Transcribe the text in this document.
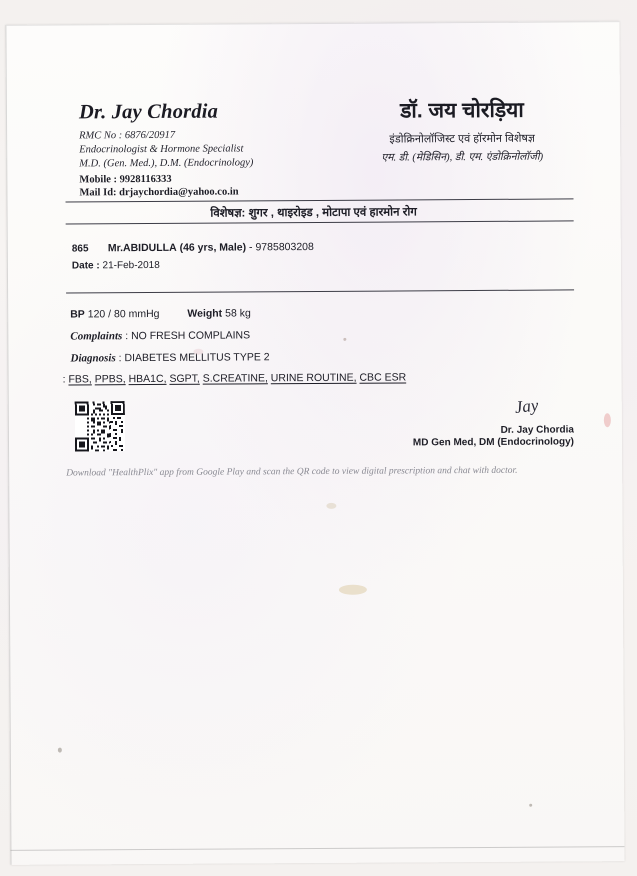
Dr. Jay Chordia
RMC No : 6876/20917
Endocrinologist & Hormone Specialist
M.D. (Gen. Med.), D.M. (Endocrinology)
Mobile : 9928116333
Mail Id: drjaychordia@yahoo.co.in
डॉ. जय चोरड़िया
इंडोक्रिनोलॉजिस्ट एवं हॉरमोन विशेषज्ञ
एम. डी. (मेडिसिन), डी. एम. एंडोक्रिनोलॉजी)
विशेषज्ञ: शुगर , थाइरोइड , मोटापा एवं हारमोन रोग
865 Mr.ABIDULLA (46 yrs, Male) - 9785803208
Date : 21-Feb-2018
BP 120 / 80 mmHg	Weight 58 kg
Complaints : NO FRESH COMPLAINS
Diagnosis : DIABETES MELLITUS TYPE 2
: FBS, PPBS, HBA1C, SGPT, S.CREATINE, URINE ROUTINE, CBC ESR
Jay
Dr. Jay Chordia
MD Gen Med, DM (Endocrinology)
Download "HealthPlix" app from Google Play and scan the QR code to view digital prescription and chat with doctor.
